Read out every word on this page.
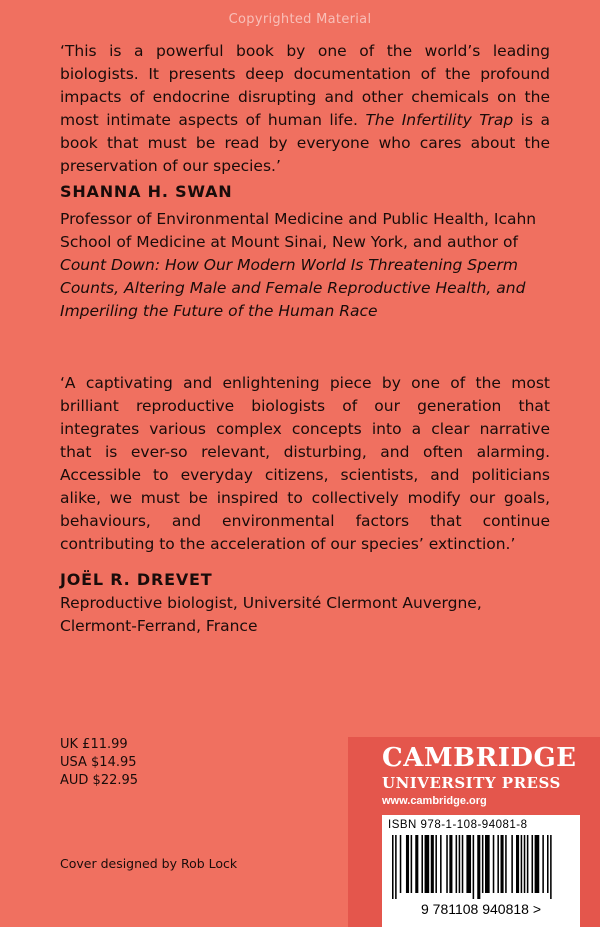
Copyrighted Material
‘This is a powerful book by one of the world’s leading biologists. It presents deep documentation of the profound impacts of endocrine disrupting and other chemicals on the most intimate aspects of human life. The Infertility Trap is a book that must be read by everyone who cares about the preservation of our species.’
SHANNA H. SWAN
Professor of Environmental Medicine and Public Health, Icahn School of Medicine at Mount Sinai, New York, and author of Count Down: How Our Modern World Is Threatening Sperm Counts, Altering Male and Female Reproductive Health, and Imperiling the Future of the Human Race
‘A captivating and enlightening piece by one of the most brilliant reproductive biologists of our generation that integrates various complex concepts into a clear narrative that is ever-so relevant, disturbing, and often alarming. Accessible to everyday citizens, scientists, and politicians alike, we must be inspired to collectively modify our goals, behaviours, and environmental factors that continue contributing to the acceleration of our species’ extinction.’
JOËL R. DREVET
Reproductive biologist, Université Clermont Auvergne, Clermont-Ferrand, France
UK £11.99
USA $14.95
AUD $22.95
Cover designed by Rob Lock
CAMBRIDGE
UNIVERSITY PRESS
www.cambridge.org
ISBN 978-1-108-94081-8
9 781108 940818 >
